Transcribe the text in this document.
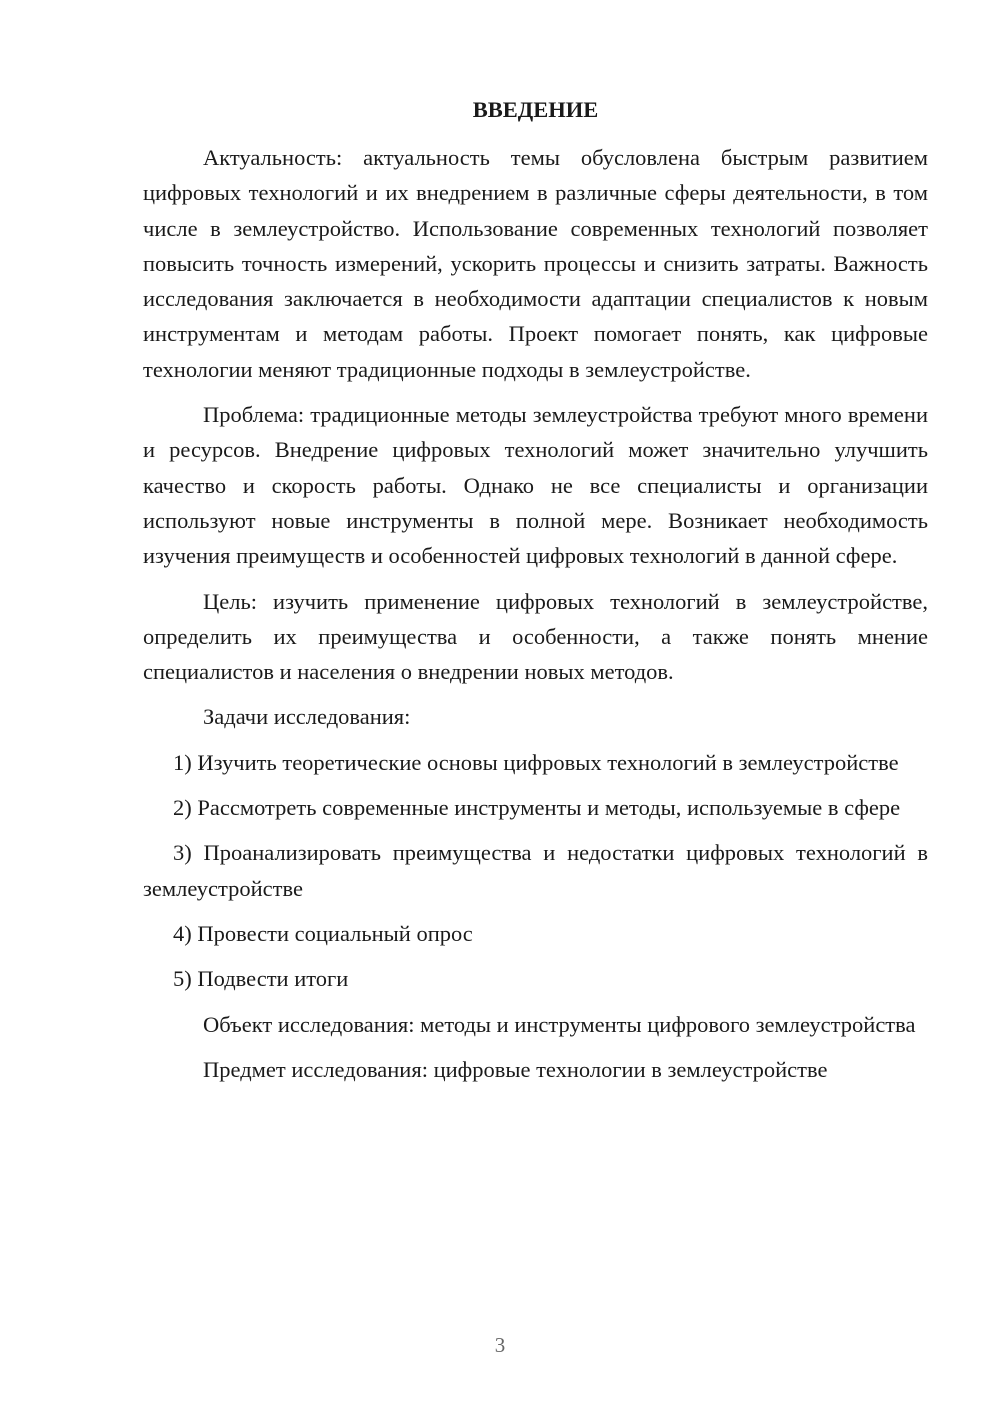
ВВЕДЕНИЕ

Актуальность: актуальность темы обусловлена быстрым развитием цифровых технологий и их внедрением в различные сферы деятельности, в том числе в землеустройство. Использование современных технологий позволяет повысить точность измерений, ускорить процессы и снизить затраты. Важность исследования заключается в необходимости адаптации специалистов к новым инструментам и методам работы. Проект помогает понять, как цифровые технологии меняют традиционные подходы в землеустройстве.

Проблема: традиционные методы землеустройства требуют много времени и ресурсов. Внедрение цифровых технологий может значительно улучшить качество и скорость работы. Однако не все специалисты и организации используют новые инструменты в полной мере. Возникает необходимость изучения преимуществ и особенностей цифровых технологий в данной сфере.

Цель: изучить применение цифровых технологий в землеустройстве, определить их преимущества и особенности, а также понять мнение специалистов и населения о внедрении новых методов.

Задачи исследования:

1) Изучить теоретические основы цифровых технологий в землеустройстве

2) Рассмотреть современные инструменты и методы, используемые в сфере

3) Проанализировать преимущества и недостатки цифровых технологий в землеустройстве

4) Провести социальный опрос

5) Подвести итоги

Объект исследования: методы и инструменты цифрового землеустройства

Предмет исследования: цифровые технологии в землеустройстве

3
